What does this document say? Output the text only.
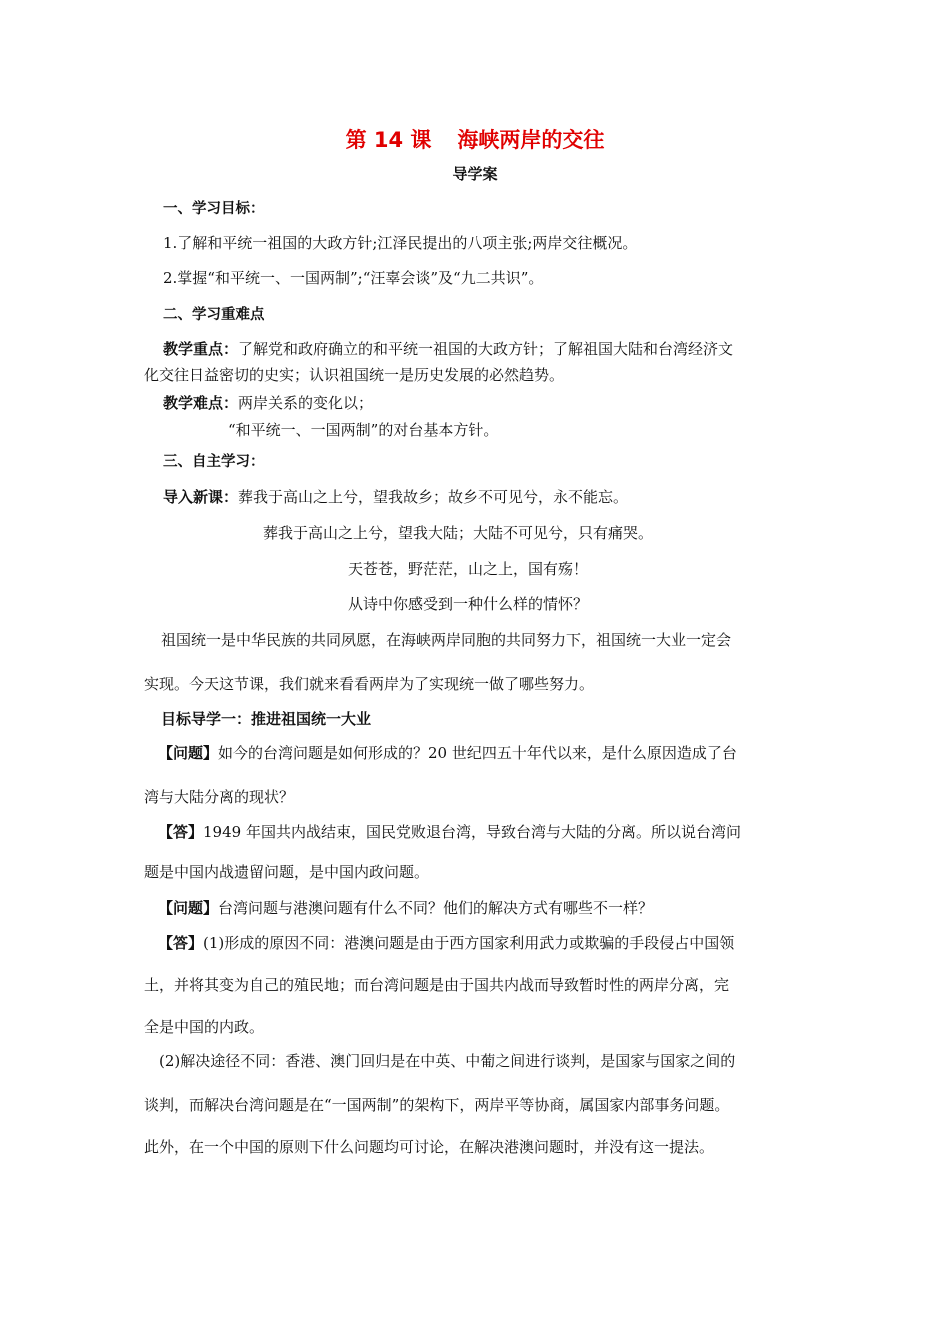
第 14 课 海峡两岸的交往
导学案
一、学习目标：
1.了解和平统一祖国的大政方针;江泽民提出的八项主张;两岸交往概况。
2.掌握“和平统一、一国两制”;“汪辜会谈”及“九二共识”。
二、学习重难点
教学重点：了解党和政府确立的和平统一祖国的大政方针；了解祖国大陆和台湾经济文
化交往日益密切的史实；认识祖国统一是历史发展的必然趋势。
教学难点：两岸关系的变化以；
“和平统一、一国两制”的对台基本方针。
三、自主学习：
导入新课：葬我于高山之上兮，望我故乡；故乡不可见兮，永不能忘。
葬我于高山之上兮，望我大陆；大陆不可见兮，只有痛哭。
天苍苍，野茫茫，山之上，国有殇！
从诗中你感受到一种什么样的情怀？
祖国统一是中华民族的共同夙愿，在海峡两岸同胞的共同努力下，祖国统一大业一定会
实现。今天这节课，我们就来看看两岸为了实现统一做了哪些努力。
目标导学一：推进祖国统一大业
【问题】如今的台湾问题是如何形成的？20 世纪四五十年代以来，是什么原因造成了台
湾与大陆分离的现状？
【答】1949 年国共内战结束，国民党败退台湾，导致台湾与大陆的分离。所以说台湾问
题是中国内战遗留问题，是中国内政问题。
【问题】台湾问题与港澳问题有什么不同？他们的解决方式有哪些不一样？
【答】(1)形成的原因不同：港澳问题是由于西方国家利用武力或欺骗的手段侵占中国领
土，并将其变为自己的殖民地；而台湾问题是由于国共内战而导致暂时性的两岸分离，完
全是中国的内政。
(2)解决途径不同：香港、澳门回归是在中英、中葡之间进行谈判，是国家与国家之间的
谈判，而解决台湾问题是在“一国两制”的架构下，两岸平等协商，属国家内部事务问题。
此外，在一个中国的原则下什么问题均可讨论，在解决港澳问题时，并没有这一提法。
